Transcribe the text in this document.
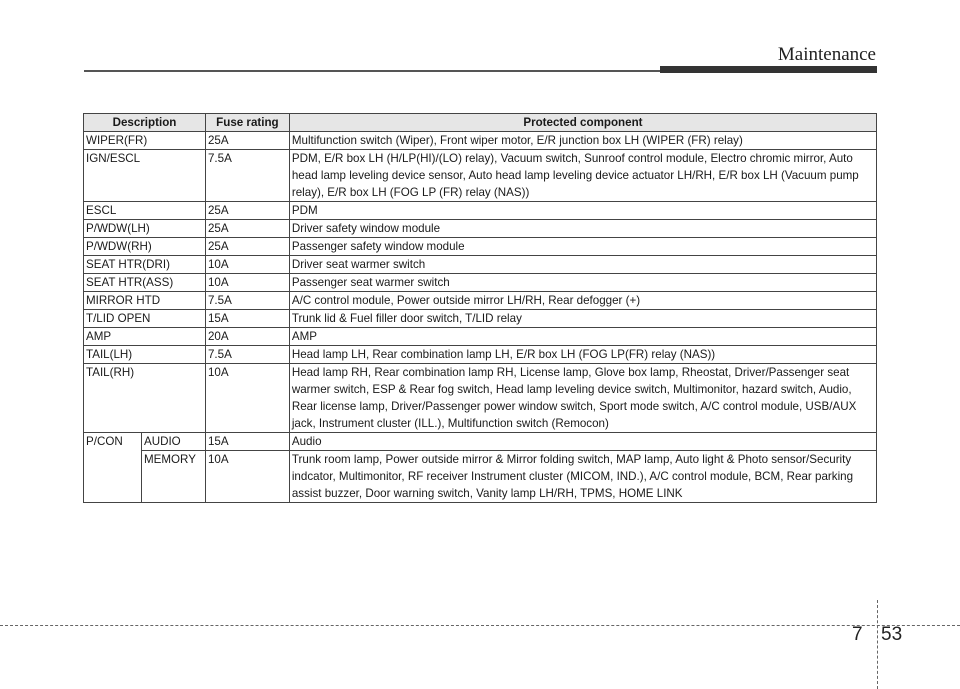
Maintenance
Description		Fuse rating	Protected component
WIPER(FR)		25A	Multifunction switch (Wiper), Front wiper motor, E/R junction box LH (WIPER (FR) relay)
IGN/ESCL		7.5A	PDM, E/R box LH (H/LP(HI)/(LO) relay), Vacuum switch, Sunroof control module, Electro chromic mirror, Auto head lamp leveling device sensor, Auto head lamp leveling device actuator LH/RH, E/R box LH (Vacuum pump relay), E/R box LH (FOG LP (FR) relay (NAS))
ESCL		25A	PDM
P/WDW(LH)		25A	Driver safety window module
P/WDW(RH)		25A	Passenger safety window module
SEAT HTR(DRI)		10A	Driver seat warmer switch
SEAT HTR(ASS)		10A	Passenger seat warmer switch
MIRROR HTD		7.5A	A/C control module, Power outside mirror LH/RH, Rear defogger (+)
T/LID OPEN		15A	Trunk lid & Fuel filler door switch, T/LID relay
AMP		20A	AMP
TAIL(LH)		7.5A	Head lamp LH, Rear combination lamp LH, E/R box LH (FOG LP(FR) relay (NAS))
TAIL(RH)		10A	Head lamp RH, Rear combination lamp RH, License lamp, Glove box lamp, Rheostat, Driver/Passenger seat warmer switch, ESP & Rear fog switch, Head lamp leveling device switch, Multimonitor, hazard switch, Audio, Rear license lamp, Driver/Passenger power window switch, Sport mode switch, A/C control module, USB/AUX jack, Instrument cluster (ILL.), Multifunction switch (Remocon)
P/CON	AUDIO	15A	Audio
	MEMORY	10A	Trunk room lamp, Power outside mirror & Mirror folding switch, MAP lamp, Auto light & Photo sensor/Security indcator, Multimonitor, RF receiver Instrument cluster (MICOM, IND.), A/C control module, BCM, Rear parking assist buzzer, Door warning switch, Vanity lamp LH/RH, TPMS, HOME LINK
7 53
